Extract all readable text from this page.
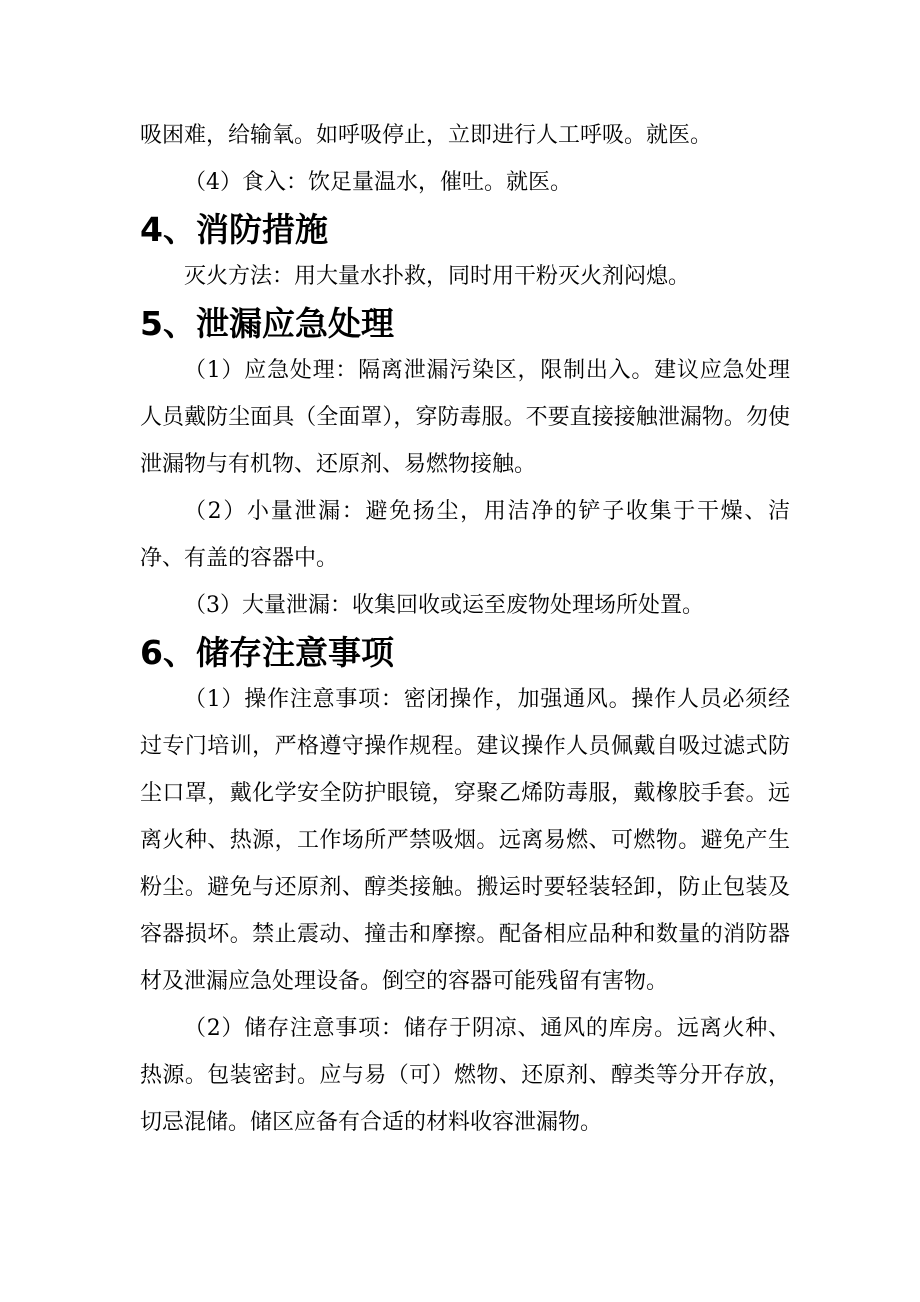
吸困难，给输氧。如呼吸停止，立即进行人工呼吸。就医。

（4）食入：饮足量温水，催吐。就医。

4、消防措施

灭火方法：用大量水扑救，同时用干粉灭火剂闷熄。

5、泄漏应急处理

（1）应急处理：隔离泄漏污染区，限制出入。建议应急处理人员戴防尘面具（全面罩），穿防毒服。不要直接接触泄漏物。勿使泄漏物与有机物、还原剂、易燃物接触。

（2）小量泄漏：避免扬尘，用洁净的铲子收集于干燥、洁净、有盖的容器中。

（3）大量泄漏：收集回收或运至废物处理场所处置。

6、储存注意事项

（1）操作注意事项：密闭操作，加强通风。操作人员必须经过专门培训，严格遵守操作规程。建议操作人员佩戴自吸过滤式防尘口罩，戴化学安全防护眼镜，穿聚乙烯防毒服，戴橡胶手套。远离火种、热源，工作场所严禁吸烟。远离易燃、可燃物。避免产生粉尘。避免与还原剂、醇类接触。搬运时要轻装轻卸，防止包装及容器损坏。禁止震动、撞击和摩擦。配备相应品种和数量的消防器材及泄漏应急处理设备。倒空的容器可能残留有害物。

（2）储存注意事项：储存于阴凉、通风的库房。远离火种、热源。包装密封。应与易（可）燃物、还原剂、醇类等分开存放，切忌混储。储区应备有合适的材料收容泄漏物。
